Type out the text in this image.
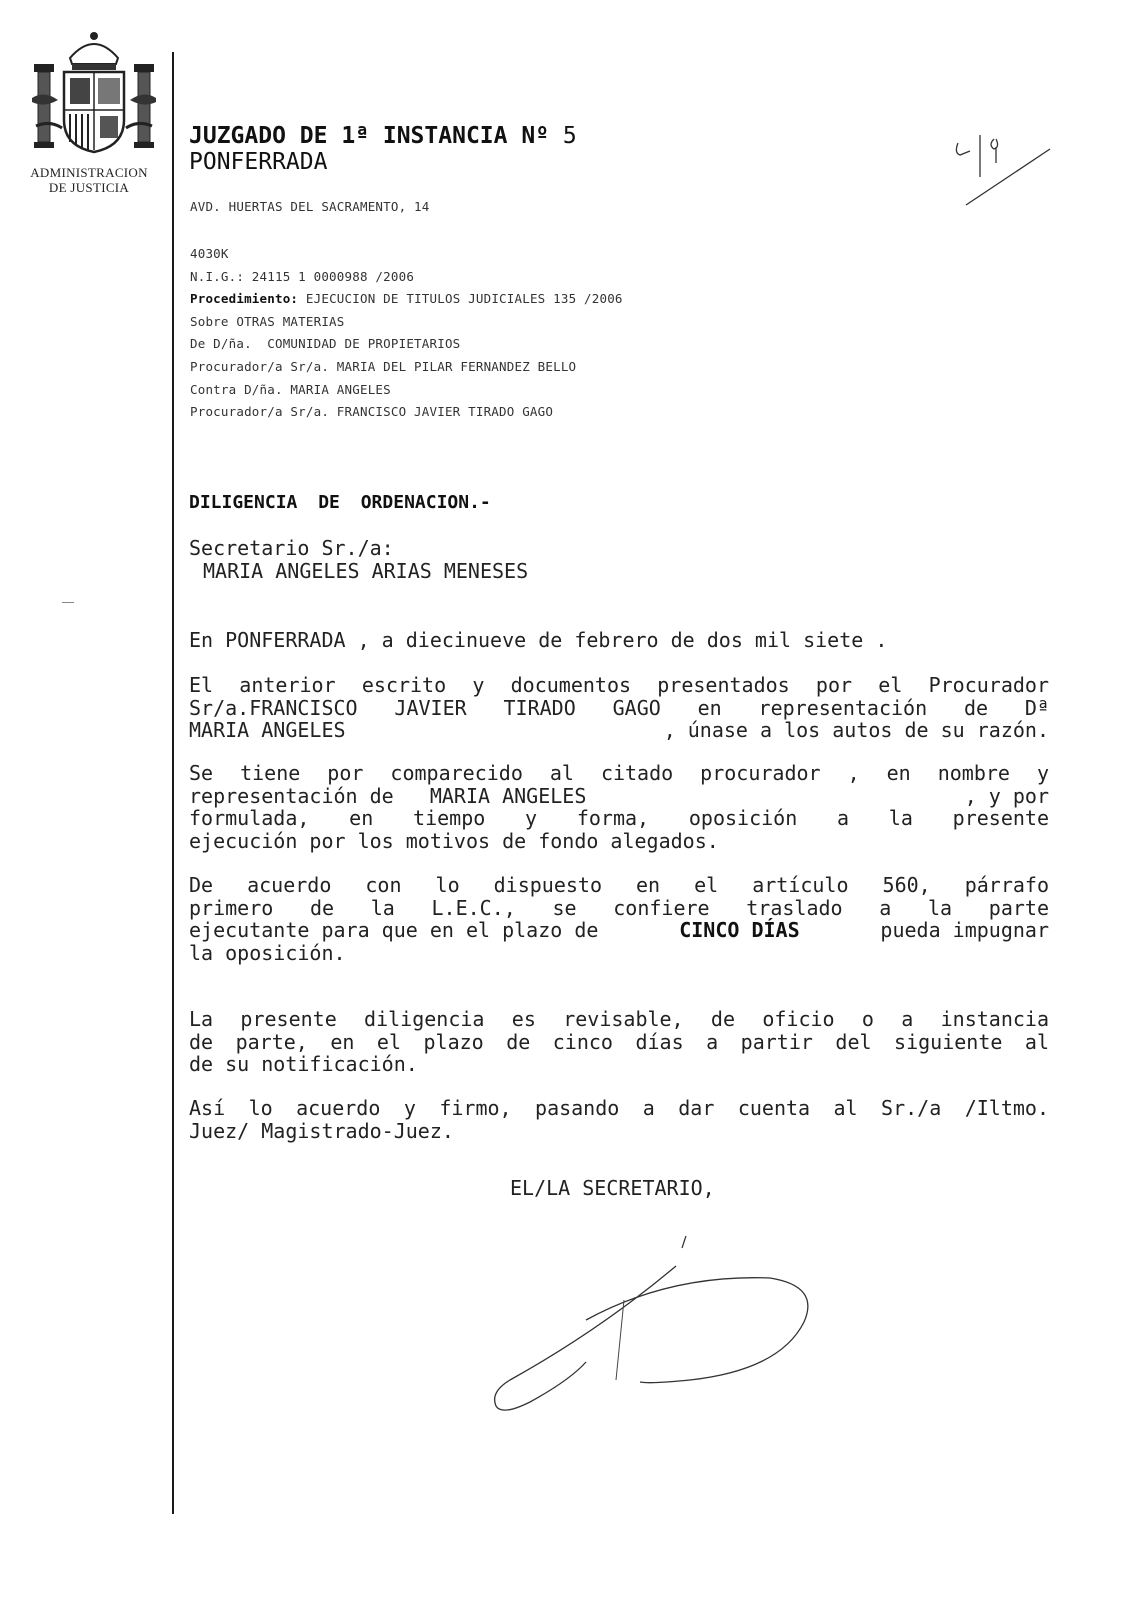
ADMINISTRACION
DE JUSTICIA
JUZGADO DE 1ª INSTANCIA Nº 5
PONFERRADA
AVD. HUERTAS DEL SACRAMENTO, 14
4030K
N.I.G.: 24115 1 0000988 /2006
Procedimiento: EJECUCION DE TITULOS JUDICIALES 135 /2006
Sobre OTRAS MATERIAS
De D/ña.  COMUNIDAD DE PROPIETARIOS
Procurador/a Sr/a. MARIA DEL PILAR FERNANDEZ BELLO
Contra D/ña. MARIA ANGELES
Procurador/a Sr/a. FRANCISCO JAVIER TIRADO GAGO
DILIGENCIA DE ORDENACION.-
Secretario Sr./a:
MARIA ANGELES ARIAS MENESES
En PONFERRADA , a diecinueve de febrero de dos mil siete .
El anterior escrito y documentos presentados por el Procurador
Sr/a.FRANCISCO JAVIER TIRADO GAGO en representación de Dª
MARIA ANGELES	, únase a los autos de su razón.
Se tiene por comparecido al citado procurador , en nombre y
representación de   MARIA ANGELES	, y por
formulada, en tiempo y forma, oposición a la presente
ejecución por los motivos de fondo alegados.
De acuerdo con lo dispuesto en el artículo 560, párrafo
primero de la L.E.C., se confiere traslado a la parte
ejecutante para que en el plazo de	CINCO DÍAS	pueda impugnar
la oposición.
La presente diligencia es revisable, de oficio o a instancia
de parte, en el plazo de cinco días a partir del siguiente al
de su notificación.
Así lo acuerdo y firmo, pasando a dar cuenta al Sr./a /Iltmo.
Juez/ Magistrado-Juez.
EL/LA SECRETARIO,
